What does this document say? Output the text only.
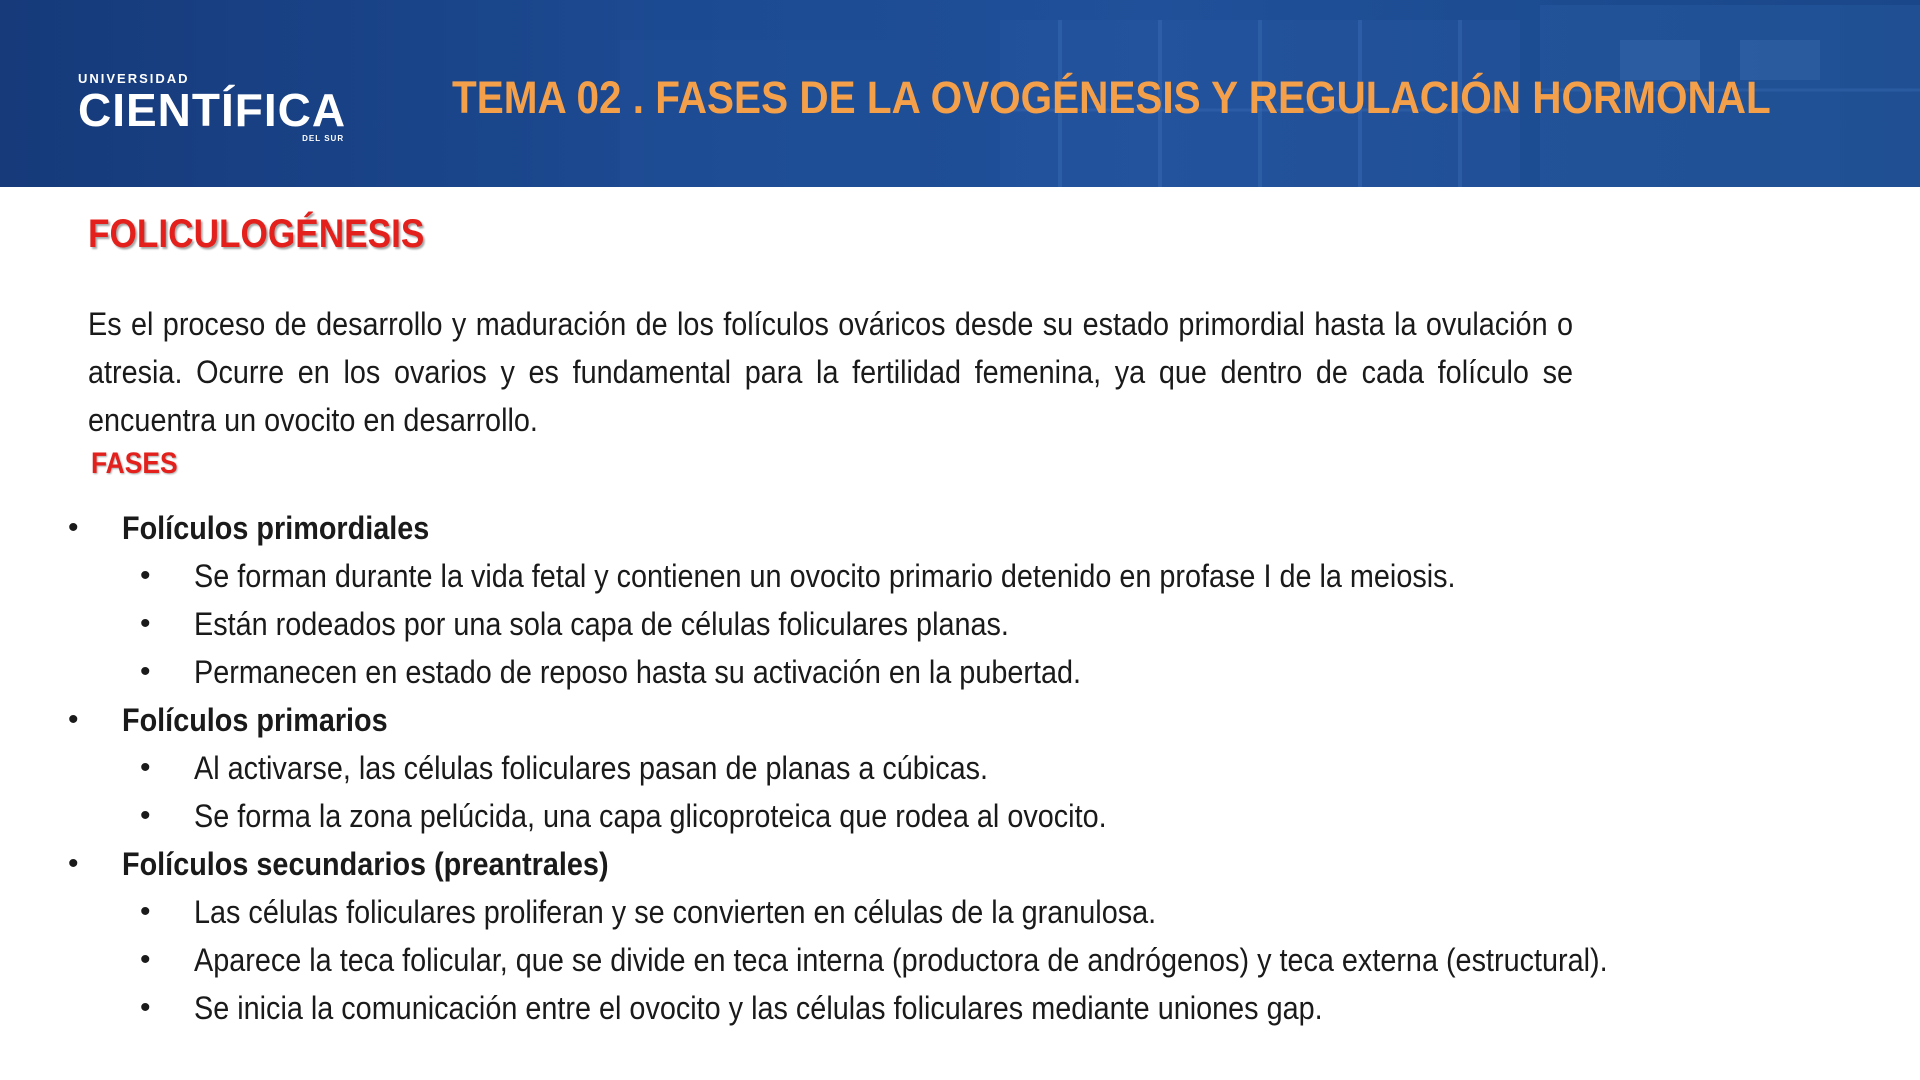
UNIVERSIDAD
CIENTÍFICA
DEL SUR
TEMA 02 . FASES DE LA OVOGÉNESIS Y REGULACIÓN HORMONAL
FOLICULOGÉNESIS

Es el proceso de desarrollo y maduración de los folículos ováricos desde su estado primordial hasta la ovulación o atresia. Ocurre en los ovarios y es fundamental para la fertilidad femenina, ya que dentro de cada folículo se encuentra un ovocito en desarrollo.

FASES
• Folículos primordiales
• Se forman durante la vida fetal y contienen un ovocito primario detenido en profase I de la meiosis.
• Están rodeados por una sola capa de células foliculares planas.
• Permanecen en estado de reposo hasta su activación en la pubertad.
• Folículos primarios
• Al activarse, las células foliculares pasan de planas a cúbicas.
• Se forma la zona pelúcida, una capa glicoproteica que rodea al ovocito.
• Folículos secundarios (preantrales)
• Las células foliculares proliferan y se convierten en células de la granulosa.
• Aparece la teca folicular, que se divide en teca interna (productora de andrógenos) y teca externa (estructural).
• Se inicia la comunicación entre el ovocito y las células foliculares mediante uniones gap.
